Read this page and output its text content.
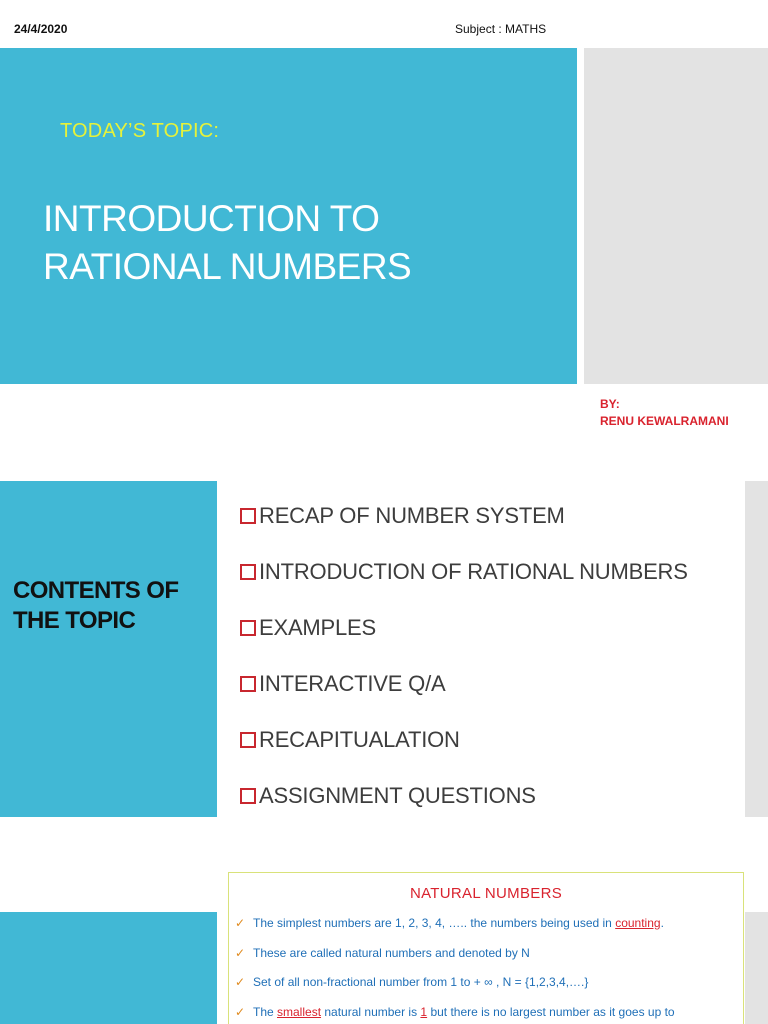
24/4/2020	Subject : MATHS
TODAY’S TOPIC:
INTRODUCTION TO
RATIONAL NUMBERS
BY:
RENU KEWALRAMANI
CONTENTS OF
THE TOPIC
RECAP OF NUMBER SYSTEM
INTRODUCTION OF RATIONAL NUMBERS
EXAMPLES
INTERACTIVE Q/A
RECAPITUALATION
ASSIGNMENT QUESTIONS
NATURAL NUMBERS
✓ The simplest numbers are 1, 2, 3, 4, ….. the numbers being used in counting.
✓ These are called natural numbers and denoted by N
✓ Set of all non-fractional number from 1 to + ∞ , N = {1,2,3,4,….}
✓ The smallest natural number is 1 but there is no largest number as it goes up to
